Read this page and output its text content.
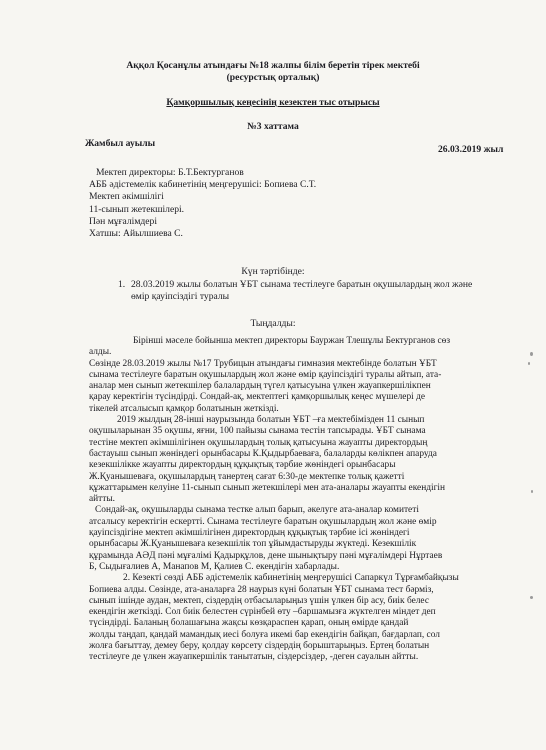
Аққол Қосанұлы атындағы №18 жалпы білім беретін тірек мектебі

(ресурстық орталық)

Қамқоршылық кеңесінің кезектен тыс отырысы

№3 хаттама

Жамбыл ауылы

26.03.2019 жыл

Мектеп директоры: Б.Т.Бектурганов

АББ әдістемелік кабинетінің меңгерушісі: Бопиева С.Т.

Мектеп әкімшілігі

11-сынып жетекшілері.

Пән мұғалімдері

Хатшы: Айылшиева С.

Күн тәртібінде:

1. 28.03.2019 жылы болатын ҰБТ сынама тестілеуге баратын оқушылардың жол және

өмір қауіпсіздігі туралы

Тыңдалды:

Бірінші мәселе бойынша мектеп директоры Бауржан Тлешұлы Бектурганов сөз
алды.
Сөзінде 28.03.2019 жылы №17 Трубицын атындағы гимназия мектебінде болатын ҰБТ
сынама тестілеуге баратын оқушылардың жол және өмір қауіпсіздігі туралы айтып, ата-
аналар мен сынып жетекшілер балалардың түгел қатысуына үлкен жауапкершілікпен
қарау керектігін түсіндірді. Сондай-ақ, мектептегі қамқоршылық кеңес мүшелері де
тікелей атсалысып қамқор болатынын жеткізді.
2019 жылдың 28-інші наурызында болатын ҰБТ –ға мектебімізден 11 сынып
оқушыларынан 35 оқушы, яғни, 100 пайызы сынама тестін тапсырады. ҰБТ сынама
тестіне мектеп әкімшілігінен оқушылардың толық қатысуына жауапты директордың
бастауыш сынып жөніндегі орынбасары К.Қыдырбаевағa, балаларды көлікпен апаруда
кезекшілікке жауапты директордың құқықтық тәрбие жөніндегі орынбасары
Ж.Қуанышеваға, оқушылардың танертең сағат 6:30-де мектепке толық қажетті
құжаттарымен келуіне 11-сынып сынып жетекшілері мен ата-аналары жауапты екендігін
айтты.
Сондай-ақ, оқушыларды сынама тестке алып барып, әкелуге ата-аналар комитеті
атсалысу керектігін ескертті. Сынама тестілеуге баратын оқушылардың жол және өмір
қауіпсіздігіне мектеп әкімшілігінен директордың құқықтық тәрбие ісі жөніндегі
орынбасары Ж.Қуанышеваға кезекшілік топ ұйымдастыруды жүктеді. Кезекшілік
құрамында АӘД пәні мұғалімі Қадырқұлов, дене шынықтыру пәні мұғалімдері Нұртаев
Б, Сыдығалиев А, Манапов М, Қалиев С. екендігін хабарлады.
2. Кезекті сөзді АББ әдістемелік кабинетінің меңгерушісі Сапаркүл Тұрғамбайқызы
Бопиева алды. Сөзінде, ата-аналарға 28 наурыз күні болатын ҰБТ сынама тест бәрміз,
сынып ішінде аудан, мектеп, сіздердің отбасыларыңыз үшін үлкен бір асу, биік белес
екендігін жеткізді. Сол биік белестен сүрінбей өту –баршамызға жүктелген міндет деп
түсіндірді. Баланың болашағына жақсы көзқараспен қарап, оның өмірде қандай
жолды таңдап, қандай мамандық иесі болуға икемі бар екендігін байқап, бағдарлап, сол
жолға бағыттау, демеу беру, қолдау көрсету сіздердің борыштарыңыз. Ертең болатын
тестілеуге де үлкен жауапкершілік танытатын, сіздерсіздер, -деген сауалын айтты.
